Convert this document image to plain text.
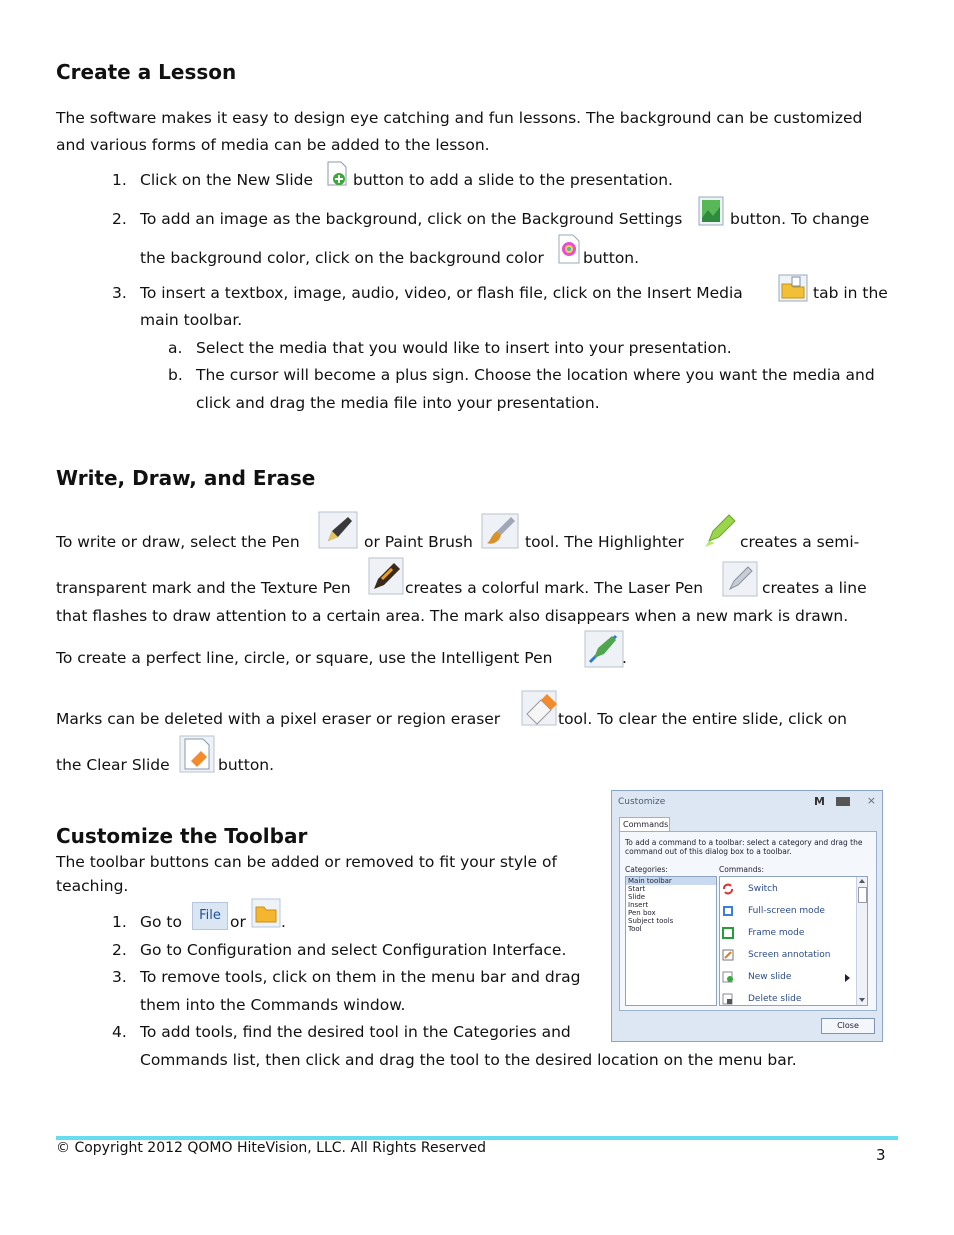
Create a Lesson
The software makes it easy to design eye catching and fun lessons. The background can be customized
and various forms of media can be added to the lesson.
1. Click on the New Slide	button to add a slide to the presentation.
2. To add an image as the background, click on the Background Settings	button. To change
the background color, click on the background color	button.
3. To insert a textbox, image, audio, video, or flash file, click on the Insert Media	tab in the
main toolbar.
a. Select the media that you would like to insert into your presentation.
b. The cursor will become a plus sign. Choose the location where you want the media and
click and drag the media file into your presentation.
Write, Draw, and Erase
To write or draw, select the Pen	or Paint Brush	tool. The Highlighter	creates a semi-
transparent mark and the Texture Pen	creates a colorful mark. The Laser Pen	creates a line
that flashes to draw attention to a certain area. The mark also disappears when a new mark is drawn.
To create a perfect line, circle, or square, use the Intelligent Pen	.
Marks can be deleted with a pixel eraser or region eraser	tool. To clear the entire slide, click on
the Clear Slide	button.
Customize the Toolbar
The toolbar buttons can be added or removed to fit your style of
teaching.
1. Go to	File or .
2. Go to Configuration and select Configuration Interface.
3. To remove tools, click on them in the menu bar and drag
them into the Commands window.
4. To add tools, find the desired tool in the Categories and
Commands list, then click and drag the tool to the desired location on the menu bar.
Customize	M	×
Commands
To add a command to a toolbar: select a category and drag the command out of this dialog box to a toolbar.
Categories:	Commands:
Main toolbar
Start
Slide
Insert
Pen box
Subject tools
Tool
Switch
Full-screen mode
Frame mode
Screen annotation
New slide
Delete slide
Close
© Copyright 2012 QOMO HiteVision, LLC. All Rights Reserved	3
